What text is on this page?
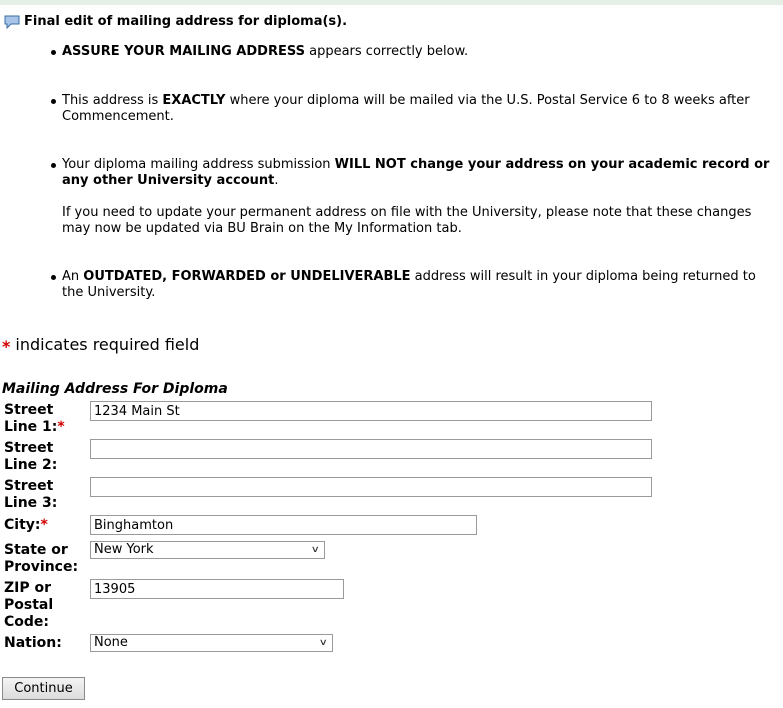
Final edit of mailing address for diploma(s).

ASSURE YOUR MAILING ADDRESS appears correctly below.

This address is EXACTLY where your diploma will be mailed via the U.S. Postal Service 6 to 8 weeks after Commencement.

Your diploma mailing address submission WILL NOT change your address on your academic record or any other University account.

If you need to update your permanent address on file with the University, please note that these changes may now be updated via BU Brain on the My Information tab.

An OUTDATED, FORWARDED or UNDELIVERABLE address will result in your diploma being returned to the University.

* indicates required field
Mailing Address For Diploma
Street Line 1:*
1234 Main St
Street Line 2:
Street Line 3:
City:*
Binghamton
State or Province:
New York	∨
ZIP or Postal Code:
13905
Nation: None	∨
Continue
